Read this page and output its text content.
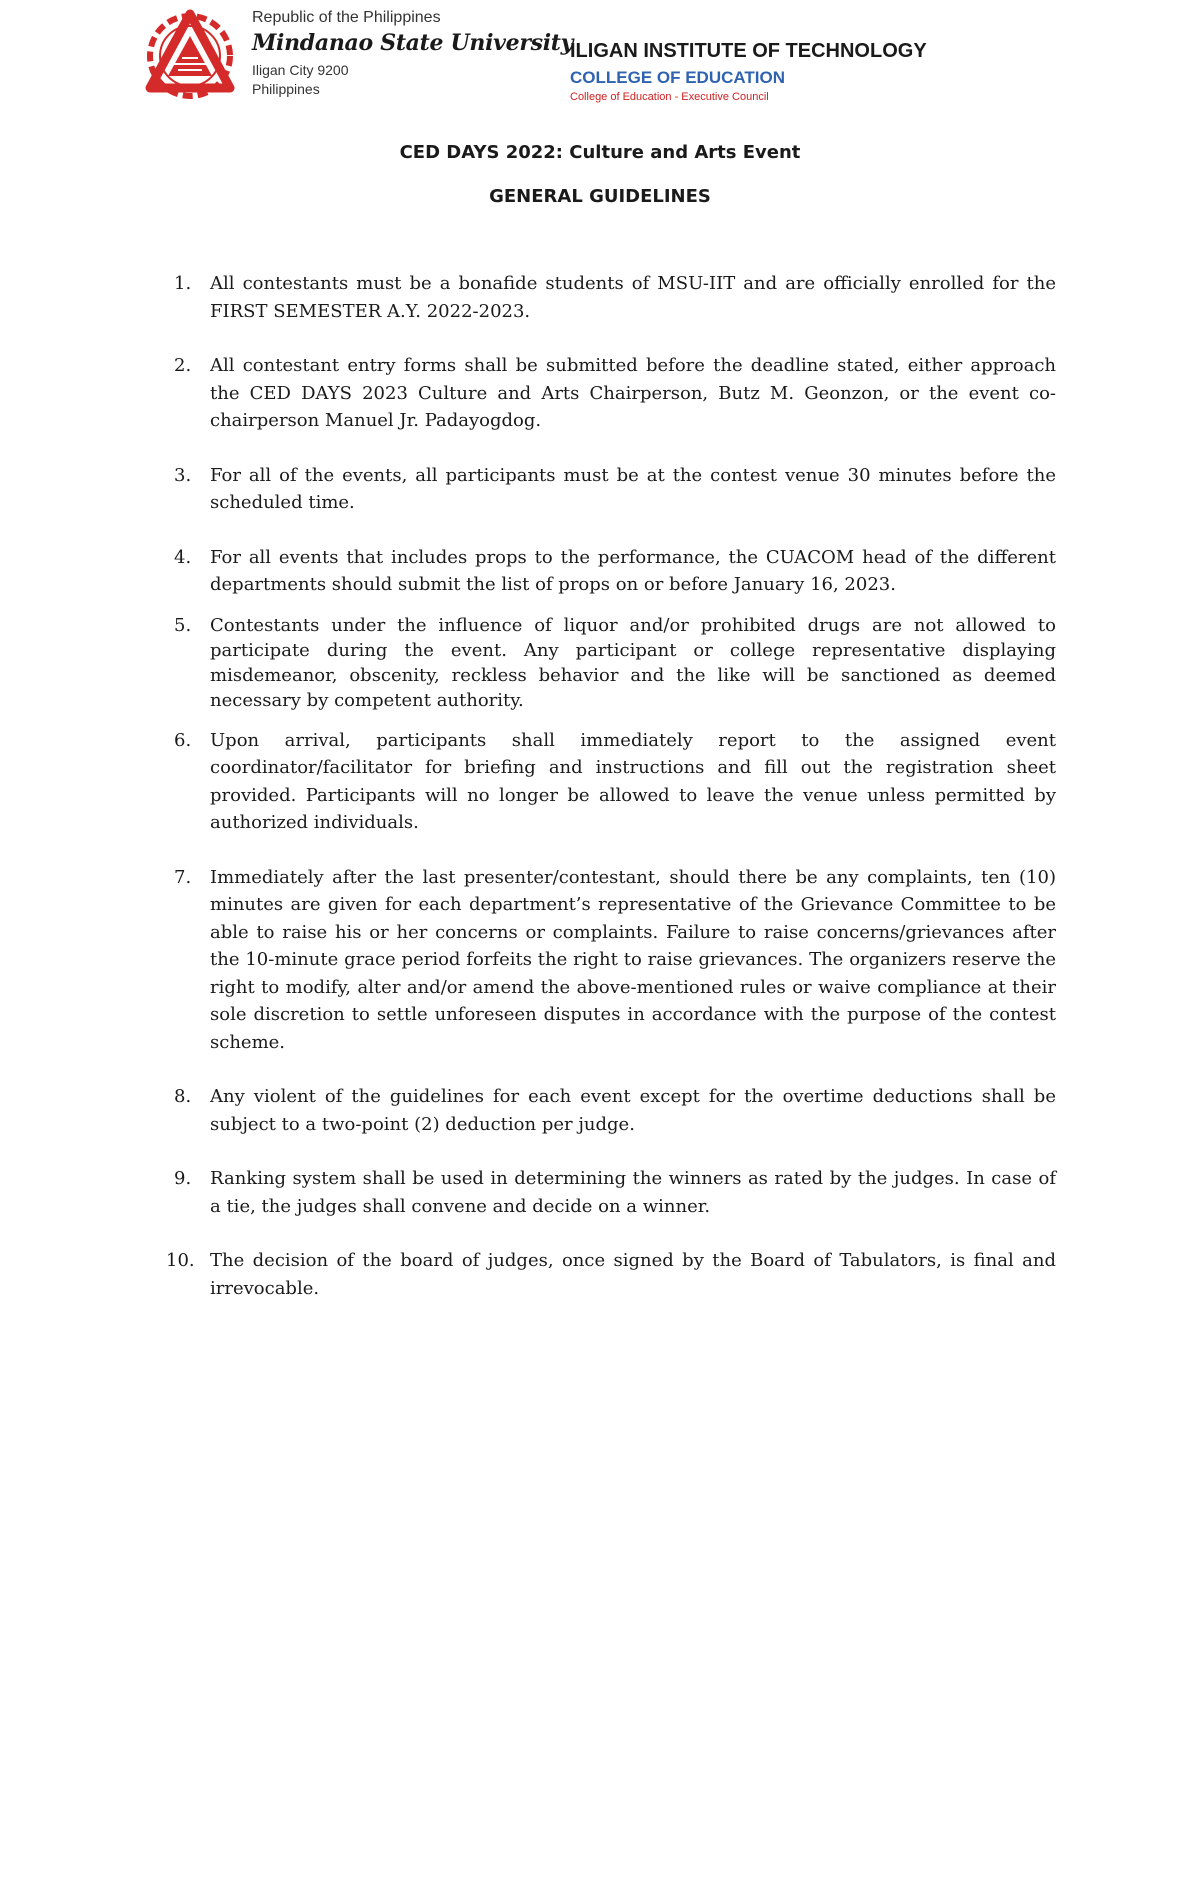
Republic of the Philippines
Mindanao State University
Iligan City 9200
Philippines
ILIGAN INSTITUTE OF TECHNOLOGY
COLLEGE OF EDUCATION
College of Education - Executive Council
CED DAYS 2022: Culture and Arts Event
GENERAL GUIDELINES
1.	All contestants must be a bonafide students of MSU-IIT and are officially enrolled for the FIRST SEMESTER A.Y. 2022-2023.
2.	All contestant entry forms shall be submitted before the deadline stated, either approach the CED DAYS 2023 Culture and Arts Chairperson, Butz M. Geonzon, or the event co-chairperson Manuel Jr. Padayogdog.
3.	For all of the events, all participants must be at the contest venue 30 minutes before the scheduled time.
4.	For all events that includes props to the performance, the CUACOM head of the different departments should submit the list of props on or before January 16, 2023.
5.	Contestants under the influence of liquor and/or prohibited drugs are not allowed to participate during the event. Any participant or college representative displaying misdemeanor, obscenity, reckless behavior and the like will be sanctioned as deemed necessary by competent authority.
6.	Upon arrival, participants shall immediately report to the assigned event coordinator/facilitator for briefing and instructions and fill out the registration sheet provided. Participants will no longer be allowed to leave the venue unless permitted by authorized individuals.
7.	Immediately after the last presenter/contestant, should there be any complaints, ten (10) minutes are given for each department’s representative of the Grievance Committee to be able to raise his or her concerns or complaints. Failure to raise concerns/grievances after the 10-minute grace period forfeits the right to raise grievances. The organizers reserve the right to modify, alter and/or amend the above-mentioned rules or waive compliance at their sole discretion to settle unforeseen disputes in accordance with the purpose of the contest scheme.
8.	Any violent of the guidelines for each event except for the overtime deductions shall be subject to a two-point (2) deduction per judge.
9.	Ranking system shall be used in determining the winners as rated by the judges. In case of a tie, the judges shall convene and decide on a winner.
10. The decision of the board of judges, once signed by the Board of Tabulators, is final and irrevocable.
